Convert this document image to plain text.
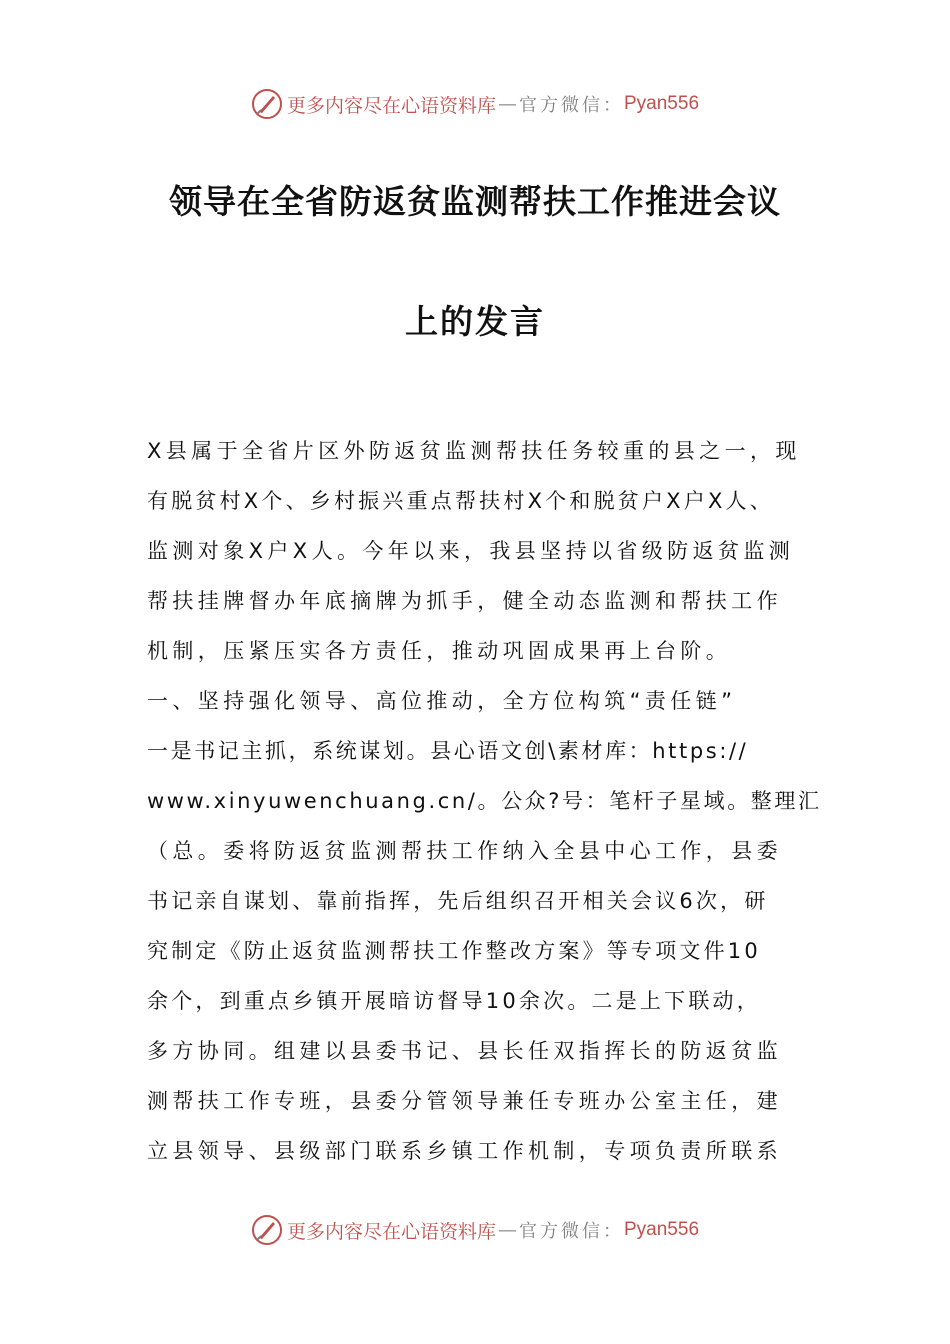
更多内容尽在心语资料库 — 官方微信： Pyan556
领导在全省防返贫监测帮扶工作推进会议
上的发言
X县属于全省片区外防返贫监测帮扶任务较重的县之一，现
有脱贫村X个、乡村振兴重点帮扶村X个和脱贫户X户X人、
监测对象X户X人。今年以来，我县坚持以省级防返贫监测
帮扶挂牌督办年底摘牌为抓手，健全动态监测和帮扶工作
机制，压紧压实各方责任，推动巩固成果再上台阶。
一、坚持强化领导、高位推动，全方位构筑“责任链”
一是书记主抓，系统谋划。县心语文创\素材库：https://
www.xinyuwenchuang.cn/。公众?号：笔杆子星域。整理汇
（总。委将防返贫监测帮扶工作纳入全县中心工作，县委
书记亲自谋划、靠前指挥，先后组织召开相关会议6次，研
究制定《防止返贫监测帮扶工作整改方案》等专项文件10
余个，到重点乡镇开展暗访督导10余次。二是上下联动，
多方协同。组建以县委书记、县长任双指挥长的防返贫监
测帮扶工作专班，县委分管领导兼任专班办公室主任，建
立县领导、县级部门联系乡镇工作机制，专项负责所联系
更多内容尽在心语资料库 — 官方微信： Pyan556
